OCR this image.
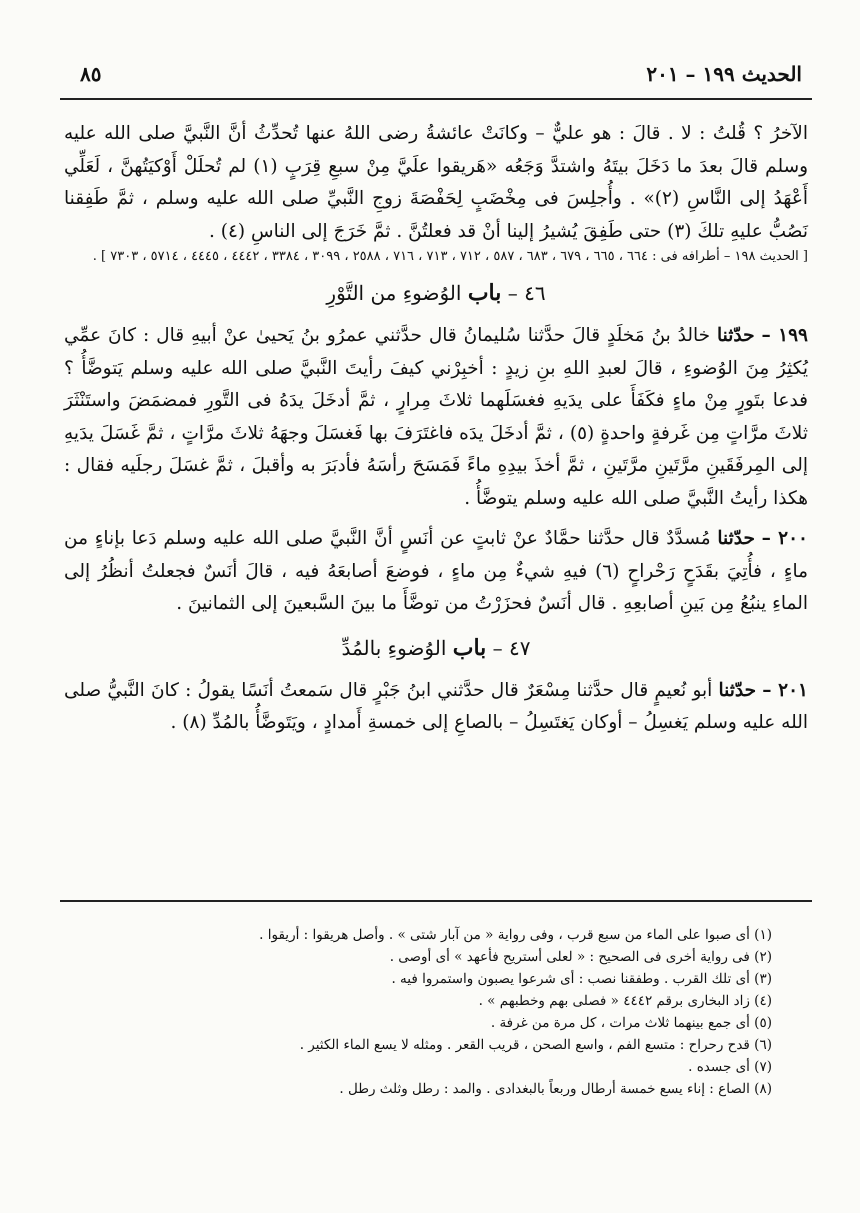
الحديث ١٩٩ – ٢٠١
٨٥

الآخرُ ؟ قُلتُ : لا . قالَ : هو عليٌّ – وكانَتْ عائشةُ رضى اللهُ عنها تُحدِّثُ أنَّ النَّبيَّ صلى الله عليه وسلم قالَ بعدَ ما دَخَلَ بيتَهُ واشتدَّ وَجَعُه «هَريقوا علَيَّ مِنْ سبعِ قِرَبٍ (١) لم تُحلَلْ أَوْكيَتُهنَّ ، لَعَلِّي أَعْهَدُ إلى النَّاسِ (٢)» . وأُجلِسَ فى مِخْضَبٍ لِحَفْصَةَ زوجِ النَّبيِّ صلى الله عليه وسلم ، ثمَّ طَفِقنا نَصُبُّ عليهِ تلكَ (٣) حتى طَفِقَ يُشيرُ إلينا أنْ قد فعلتُنَّ . ثمَّ خَرَجَ إلى الناسِ (٤) .

[ الحديث ١٩٨ – أطرافه فى : ٦٦٤ ، ٦٦٥ ، ٦٧٩ ، ٦٨٣ ، ٥٨٧ ، ٧١٢ ، ٧١٣ ، ٧١٦ ، ٢٥٨٨ ، ٣٠٩٩ ، ٣٣٨٤ ، ٤٤٤٢ ، ٤٤٤٥ ، ٥٧١٤ ، ٧٣٠٣ ] .

٤٦ – باب الوُضوءِ من التَّوْرِ

١٩٩ – حدّثنا خالدُ بنُ مَخلَدٍ قالَ حدَّثنا سُليمانُ قال حدَّثني عمرُو بنُ يَحيىٰ عنْ أبيهِ قال : كانَ عمِّي يُكثِرُ مِنَ الوُضوءِ ، قالَ لعبدِ اللهِ بنِ زيدٍ : أخبِرْني كيفَ رأيتَ النَّبيَّ صلى الله عليه وسلم يَتوضَّأُ ؟ فدعا بتَورٍ مِنْ ماءٍ فكَفَأَ على يدَيهِ فغسَلَهما ثلاثَ مِرارٍ ، ثمَّ أدخَلَ يدَهُ فى التَّورِ فمضمَضَ واستَنْثَرَ ثلاثَ مرَّاتٍ مِن غَرفةٍ واحدةٍ (٥) ، ثمَّ أدخَلَ يدَه فاغتَرَفَ بها فَغسَلَ وجهَهُ ثلاثَ مرَّاتٍ ، ثمَّ غَسَلَ يدَيهِ إلى المِرفَقَينِ مرَّتَينِ مرَّتَينِ ، ثمَّ أخذَ بيدِهِ ماءً فَمَسَحَ رأسَهُ فأدبَرَ به وأقبلَ ، ثمَّ غسَلَ رجلَيه فقال : هكذا رأيتُ النَّبيَّ صلى الله عليه وسلم يتوضَّأُ .

٢٠٠ – حدّثنا مُسدَّدٌ قال حدَّثنا حمَّادٌ عنْ ثابتٍ عن أنَسٍ أنَّ النَّبيَّ صلى الله عليه وسلم دَعا بإناءٍ من ماءٍ ، فأُتِيَ بقَدَحٍ رَحْراحٍ (٦) فيهِ شيءٌ مِن ماءٍ ، فوضعَ أصابعَهُ فيه ، قالَ أنَسٌ فجعلتُ أنظُرُ إلى الماءِ ينبُعُ مِن بَينِ أصابعِهِ . قال أنَسٌ فحزَرْتُ من توضَّأَ ما بينَ السَّبعينَ إلى الثمانينَ .

٤٧ – باب الوُضوءِ بالمُدِّ

٢٠١ – حدّثنا أبو نُعيمٍ قال حدَّثنا مِسْعَرٌ قال حدَّثني ابنُ جَبْرٍ قال سَمعتُ أنَسًا يقولُ : كانَ النَّبيُّ صلى الله عليه وسلم يَغسِلُ – أوكان يَغتَسِلُ – بالصاعِ إلى خمسةِ أَمدادٍ ، ويَتَوضَّأُ بالمُدِّ (٨) .

(١) أى صبوا على الماء من سبع قرب ، وفى رواية « من آبار شتى » . وأصل هريقوا : أريقوا .
(٢) فى رواية أخرى فى الصحيح : « لعلى أستريح فأعهد » أى أوصى .
(٣) أى تلك القرب . وطفقنا نصب : أى شرعوا يصبون واستمروا فيه .
(٤) زاد البخارى برقم ٤٤٤٢ « فصلى بهم وخطبهم » .
(٥) أى جمع بينهما ثلاث مرات ، كل مرة من غرفة .
(٦) قدح رحراح : متسع الفم ، واسع الصحن ، قريب القعر . ومثله لا يسع الماء الكثير .
(٧) أى جسده .
(٨) الصاع : إناء يسع خمسة أرطال وربعاً بالبغدادى . والمد : رطل وثلث رطل .
